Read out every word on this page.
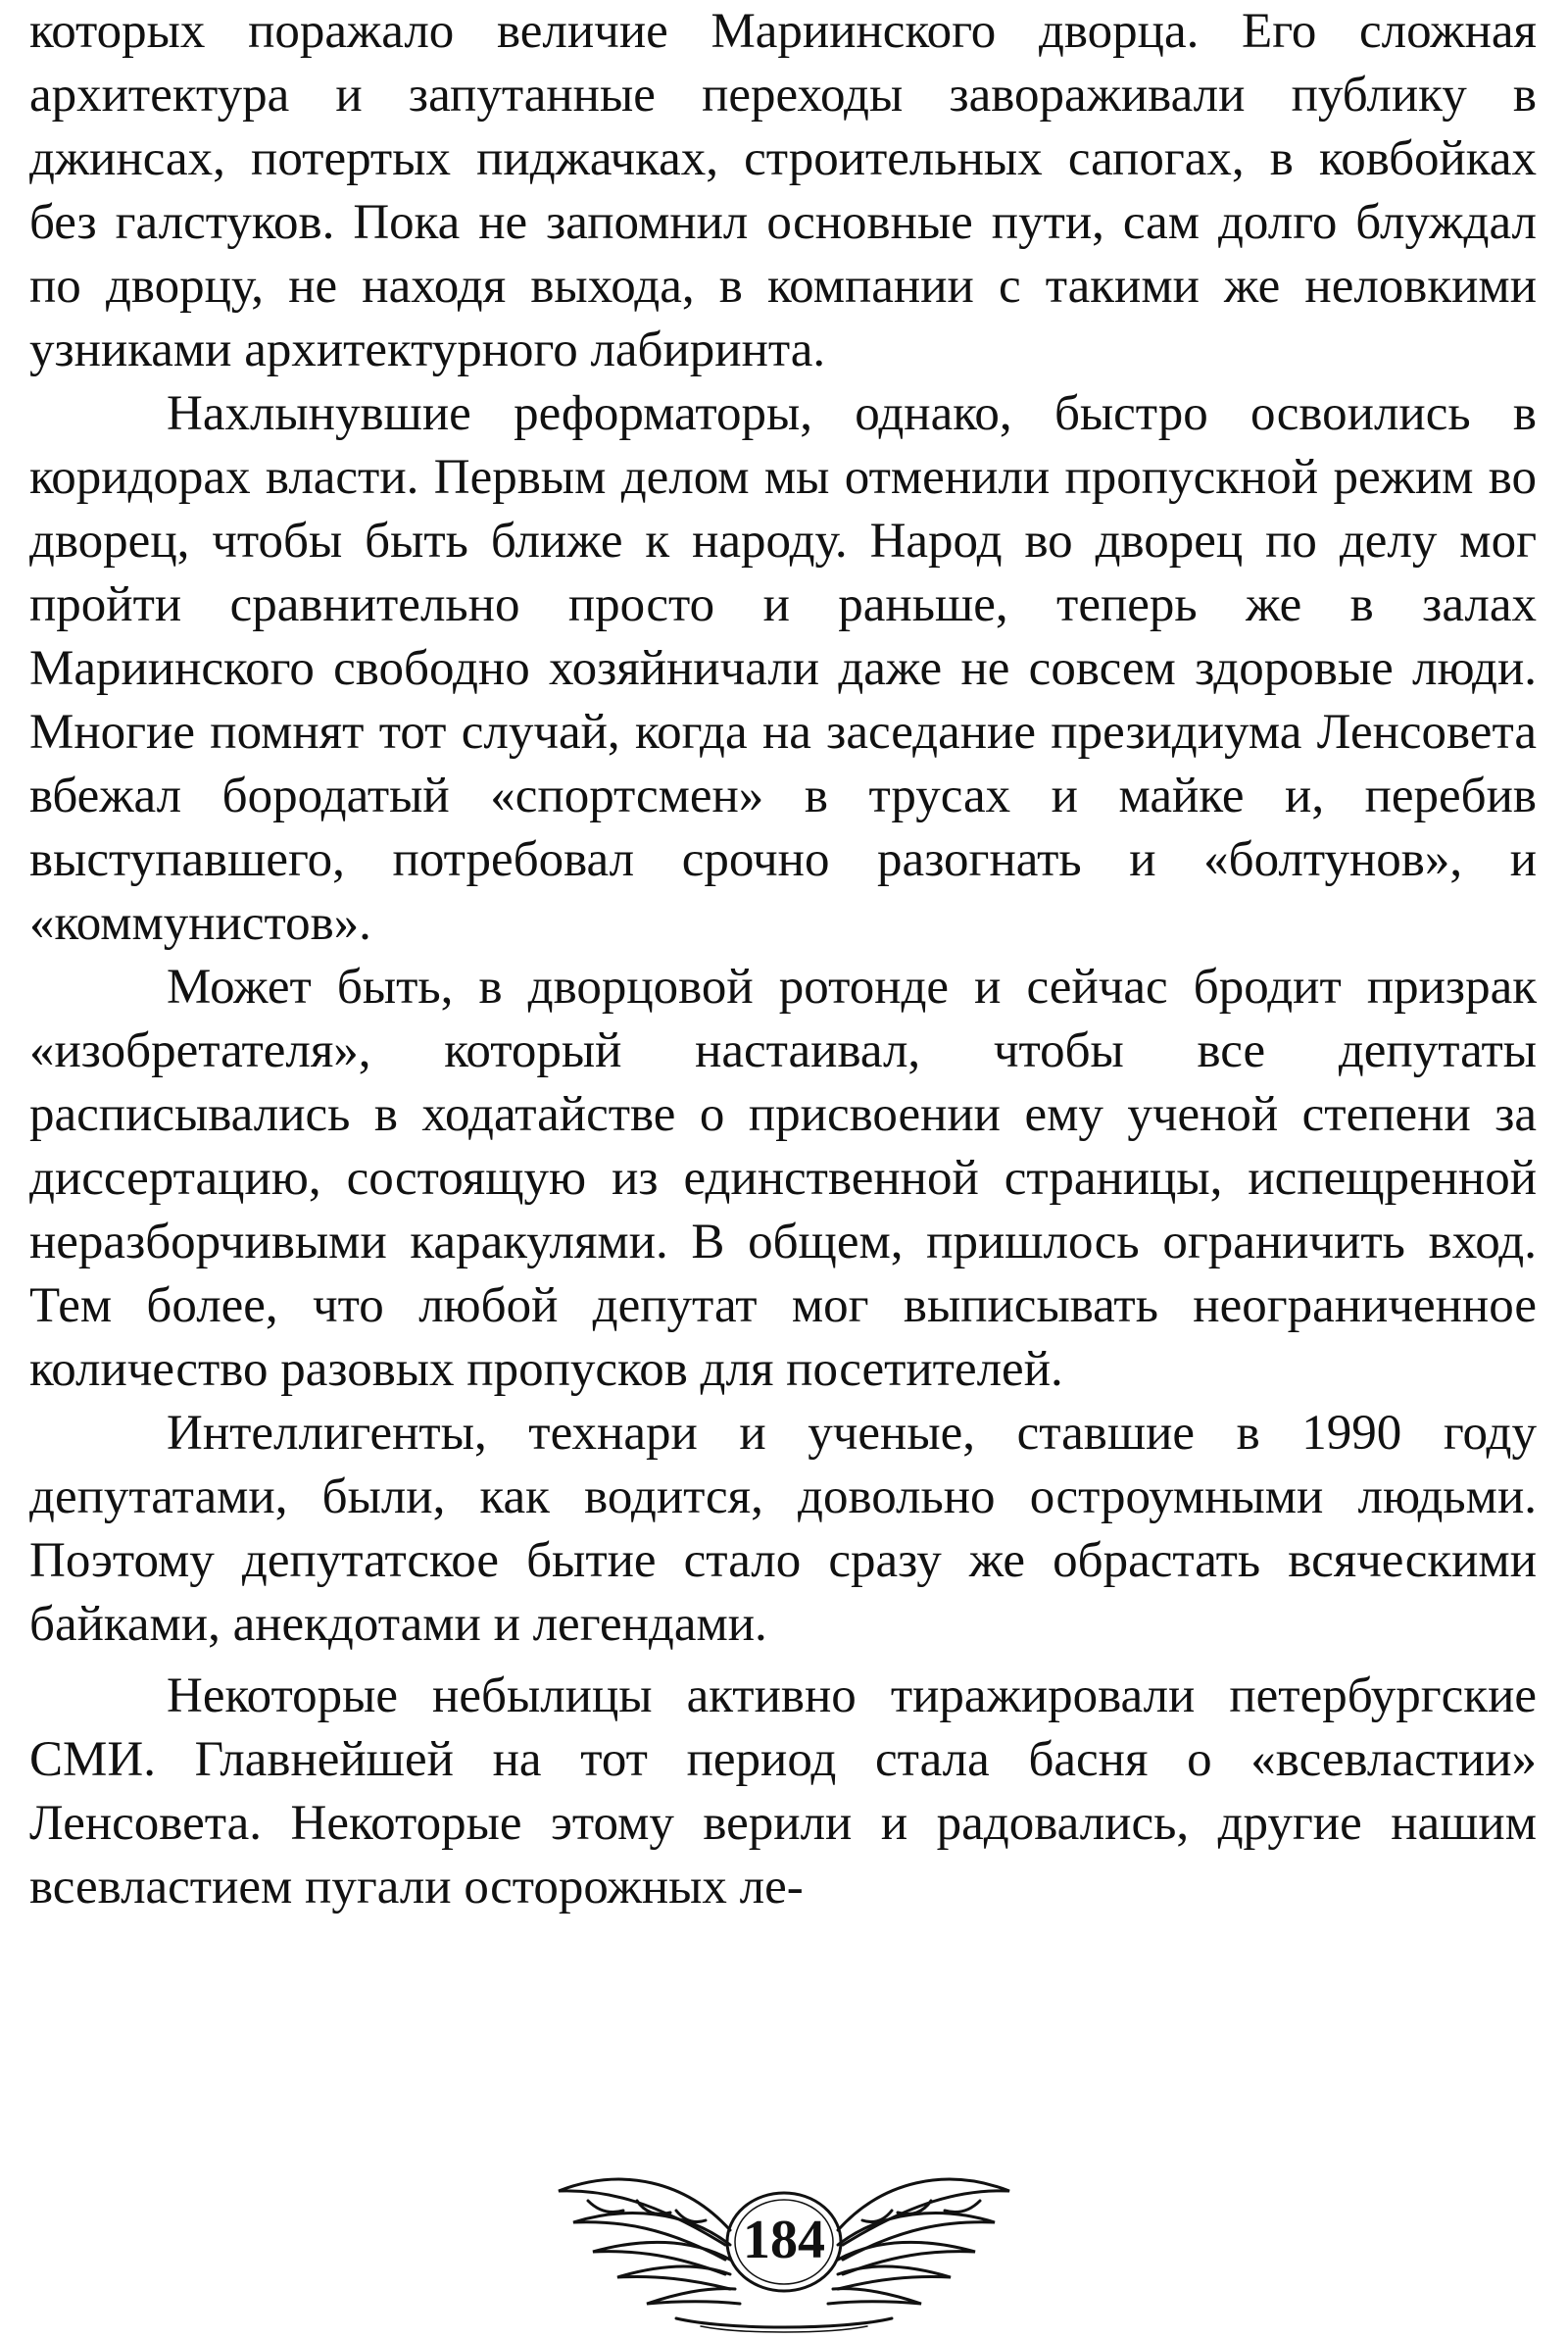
которых поражало величие Мариинского дворца. Его сложная архитектура и запутанные переходы завораживали публику в джинсах, потертых пиджачках, строительных сапогах, в ковбойках без галстуков. Пока не запомнил основные пути, сам долго блуждал по дворцу, не находя выхода, в компании с такими же неловкими узниками архитектурного лабиринта.

Нахлынувшие реформаторы, однако, быстро освоились в коридорах власти. Первым делом мы отменили пропускной режим во дворец, чтобы быть ближе к народу. Народ во дворец по делу мог пройти сравнительно просто и раньше, теперь же в залах Мариинского свободно хозяйничали даже не совсем здоровые люди. Многие помнят тот случай, когда на заседание президиума Ленсовета вбежал бородатый «спортсмен» в трусах и майке и, перебив выступавшего, потребовал срочно разогнать и «болтунов», и «коммунистов».

Может быть, в дворцовой ротонде и сейчас бродит призрак «изобретателя», который настаивал, чтобы все депутаты расписывались в ходатайстве о присвоении ему ученой степени за диссертацию, состоящую из единственной страницы, испещренной неразборчивыми каракулями. В общем, пришлось ограничить вход. Тем более, что любой депутат мог выписывать неограниченное количество разовых пропусков для посетителей.

Интеллигенты, технари и ученые, ставшие в 1990 году депутатами, были, как водится, довольно остроумными людьми. Поэтому депутатское бытие стало сразу же обрастать всяческими байками, анекдотами и легендами.

Некоторые небылицы активно тиражировали петербургские СМИ. Главнейшей на тот период стала басня о «всевластии» Ленсовета. Некоторые этому верили и радовались, другие нашим всевластием пугали осторожных ле-

184
